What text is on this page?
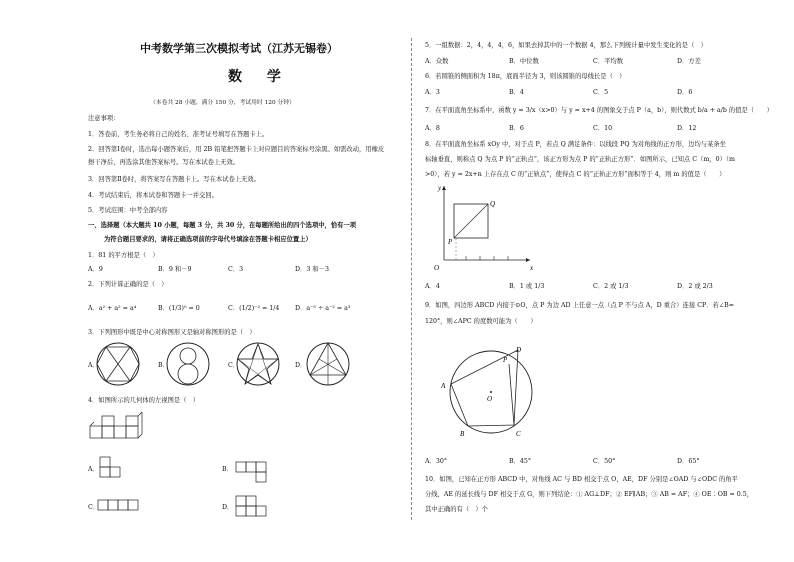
中考数学第三次模拟考试（江苏无锡卷）
数 学
（本卷共 28 小题，满分 150 分，考试用时 120 分钟）
注意事项：
1．答卷前，考生务必将自己的姓名、准考证号填写在答题卡上。
2．回答第Ⅰ卷时，选出每小题答案后，用 2B 铅笔把答题卡上对应题目的答案标号涂黑。如需改动，用橡皮
擦干净后，再选涂其他答案标号。写在本试卷上无效。
3．回答第Ⅱ卷时，将答案写在答题卡上。写在本试卷上无效。
4．考试结束后，将本试卷和答题卡一并交回。
5．考试范围：中考全部内容
一、选择题（本大题共 10 小题，每题 3 分，共 30 分，在每题所给出的四个选项中，恰有一项
为符合题目要求的，请将正确选项前的字母代号填涂在答题卡相应位置上）
1．81 的平方根是（　）
A．9	B．9 和－9	C．3	D．3 和－3
2．下列计算正确的是（　）
A．a² + a² = a⁴	B．(1/3)⁰ = 0	C．(1/2)⁻² = 1/4 D．a⁻⁵ ÷ a⁻² = a³
3．下列图形中既是中心对称图形又是轴对称图形的是（　）
A．	B．	C．	D．
4．如图所示的几何体的左视图是（　）
A．	B．
C．	D．
5．一组数据：2，4，4，4，6，如果去掉其中的一个数据 4，那么下列统计量中发生变化的是（　）
A．众数	B．中位数	C．平均数	D．方差
6．若圆锥的侧面积为 18π，底面半径为 3，则该圆锥的母线长是（　）
A．3	B．4	C．5	D．6
7．在平面直角坐标系中，函数 y = 3/x（x>0）与 y = x+4 的图象交于点 P（a，b），则代数式 b/a + a/b 的值是（　　）
A．8	B．6	C．10	D．12
8．在平面直角坐标系 xOy 中，对于点 P，若点 Q 满足条件：以线段 PQ 为对角线的正方形，边均与某条坐
标轴垂直，则称点 Q 为点 P 的“正轨点”，该正方形为点 P 的“正轨正方形”．如图所示，已知点 C（m，0）（m
>0），若 y = 2x+n 上存在点 C 的“正轨点”，使得点 C 的“正轨正方形”面积等于 4，则 m 的值是（　　）
y
x
O
P
Q
A．4	B．1 或 1/3	C．2 或 1/3	D．2 或 2/3
9．如图，四边形 ABCD 内接于⊙O，点 P 为边 AD 上任意一点（点 P 不与点 A，D 重合）连接 CP．若∠B=
120°，则∠APC 的度数可能为（　　）
A
B	C
D
P
O
A．30°	B．45°	C．50°	D．65°
10．如图，已知在正方形 ABCD 中，对角线 AC 与 BD 相交于点 O，AE，DF 分别是∠OAD 与∠ODC 的角平
分线，AE 的延长线与 DF 相交于点 G，则下列结论：① AG⊥DF；② EF∥AB；③ AB = AF；④ OE∶OB = 0.5，
其中正确的有（　）个
